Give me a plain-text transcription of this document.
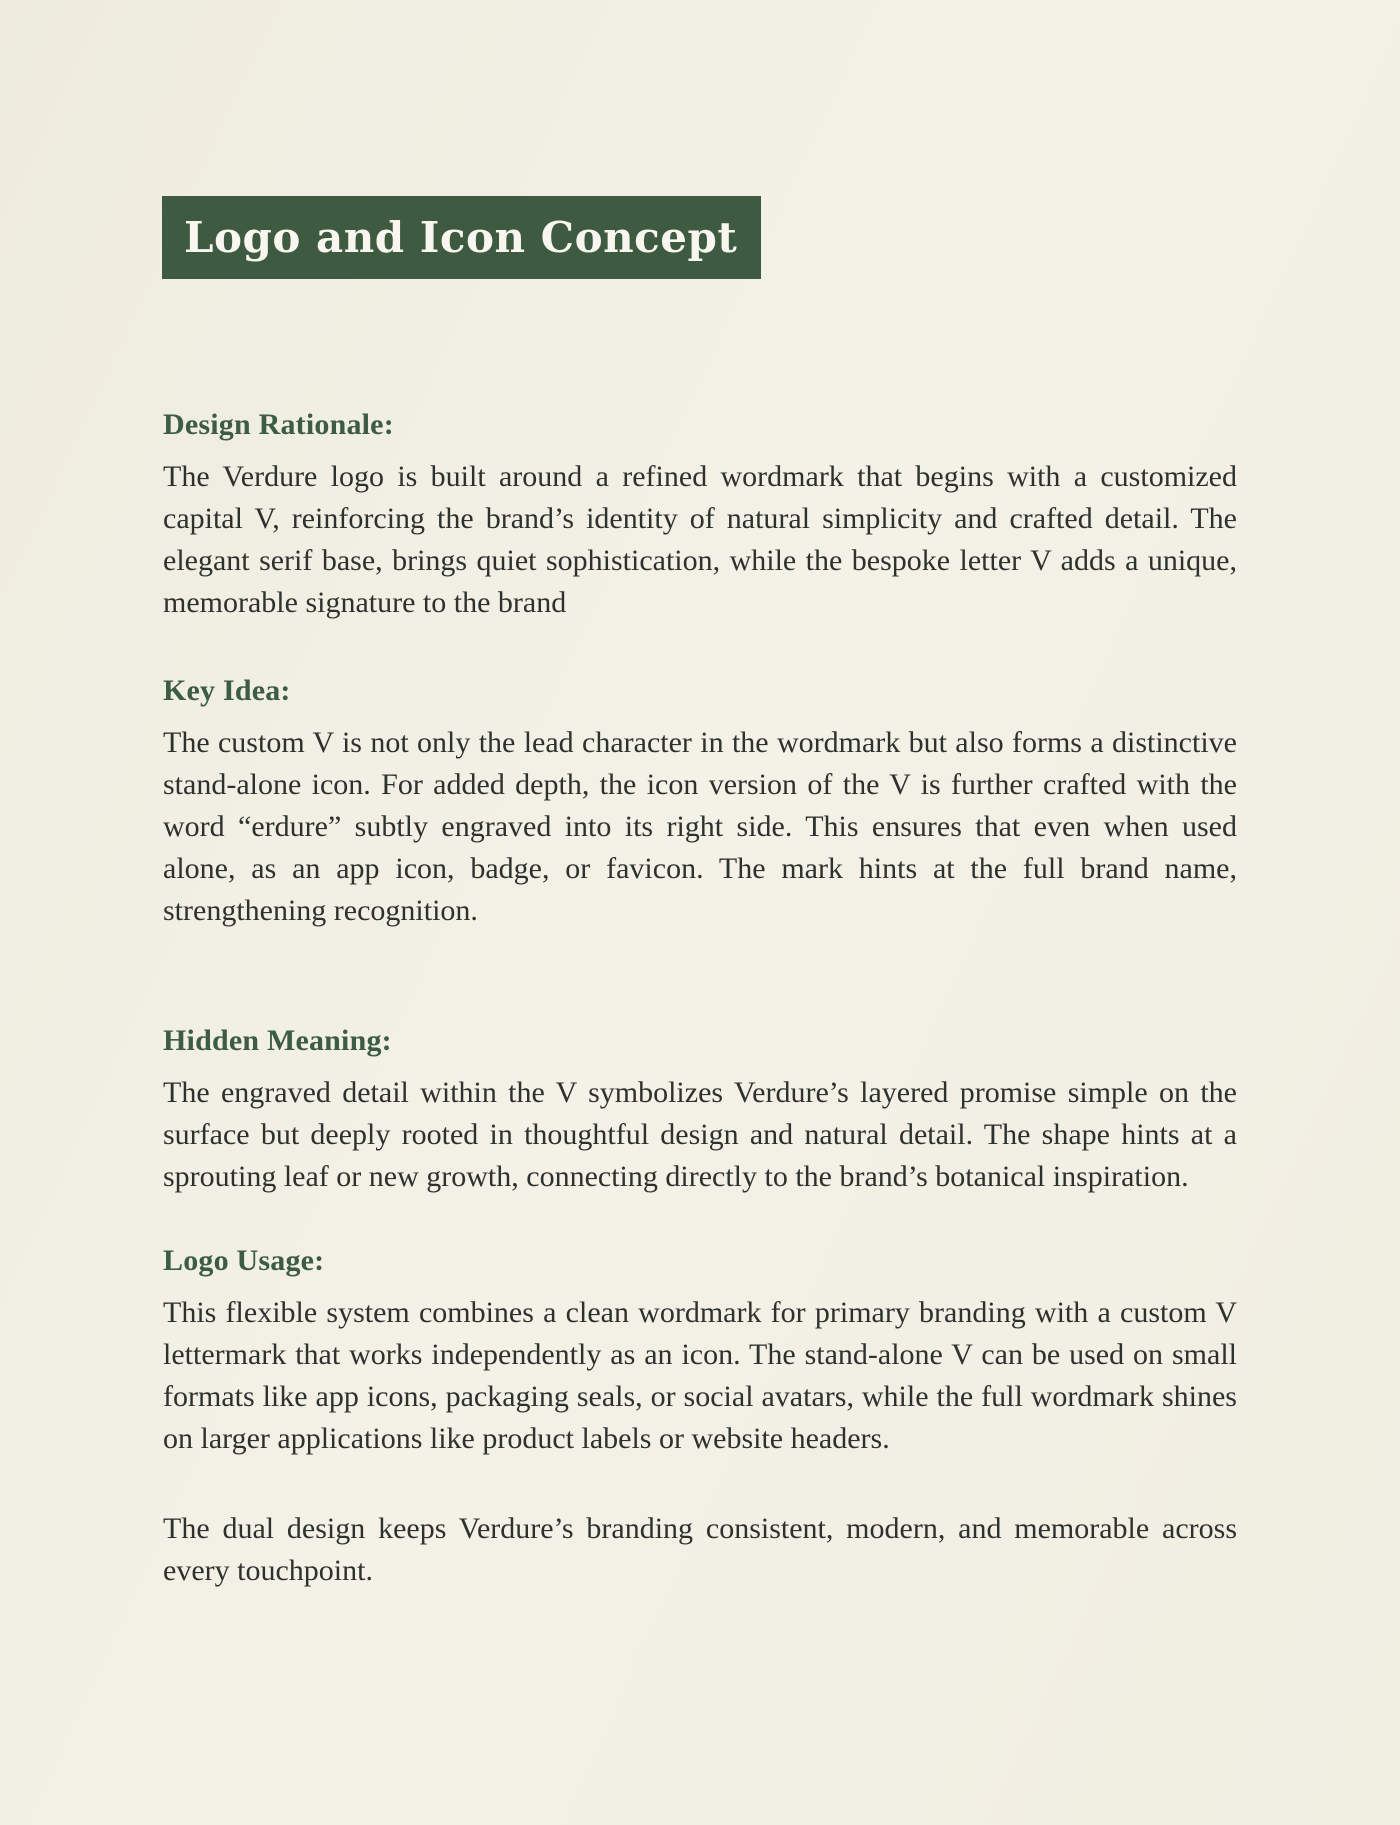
Logo and Icon Concept
Design Rationale:

The Verdure logo is built around a refined wordmark that begins with a customized capital V, reinforcing the brand’s identity of natural simplicity and crafted detail. The elegant serif base, brings quiet sophistication, while the bespoke letter V adds a unique, memorable signature to the brand

Key Idea:

The custom V is not only the lead character in the wordmark but also forms a distinctive stand-alone icon. For added depth, the icon version of the V is further crafted with the word “erdure” subtly engraved into its right side. This ensures that even when used alone, as an app icon, badge, or favicon. The mark hints at the full brand name, strengthening recognition.

Hidden Meaning:

The engraved detail within the V symbolizes Verdure’s layered promise simple on the surface but deeply rooted in thoughtful design and natural detail. The shape hints at a sprouting leaf or new growth, connecting directly to the brand’s botanical inspiration.

Logo Usage:

This flexible system combines a clean wordmark for primary branding with a custom V lettermark that works independently as an icon. The stand-alone V can be used on small formats like app icons, packaging seals, or social avatars, while the full wordmark shines on larger applications like product labels or website headers.

The dual design keeps Verdure’s branding consistent, modern, and memorable across every touchpoint.
